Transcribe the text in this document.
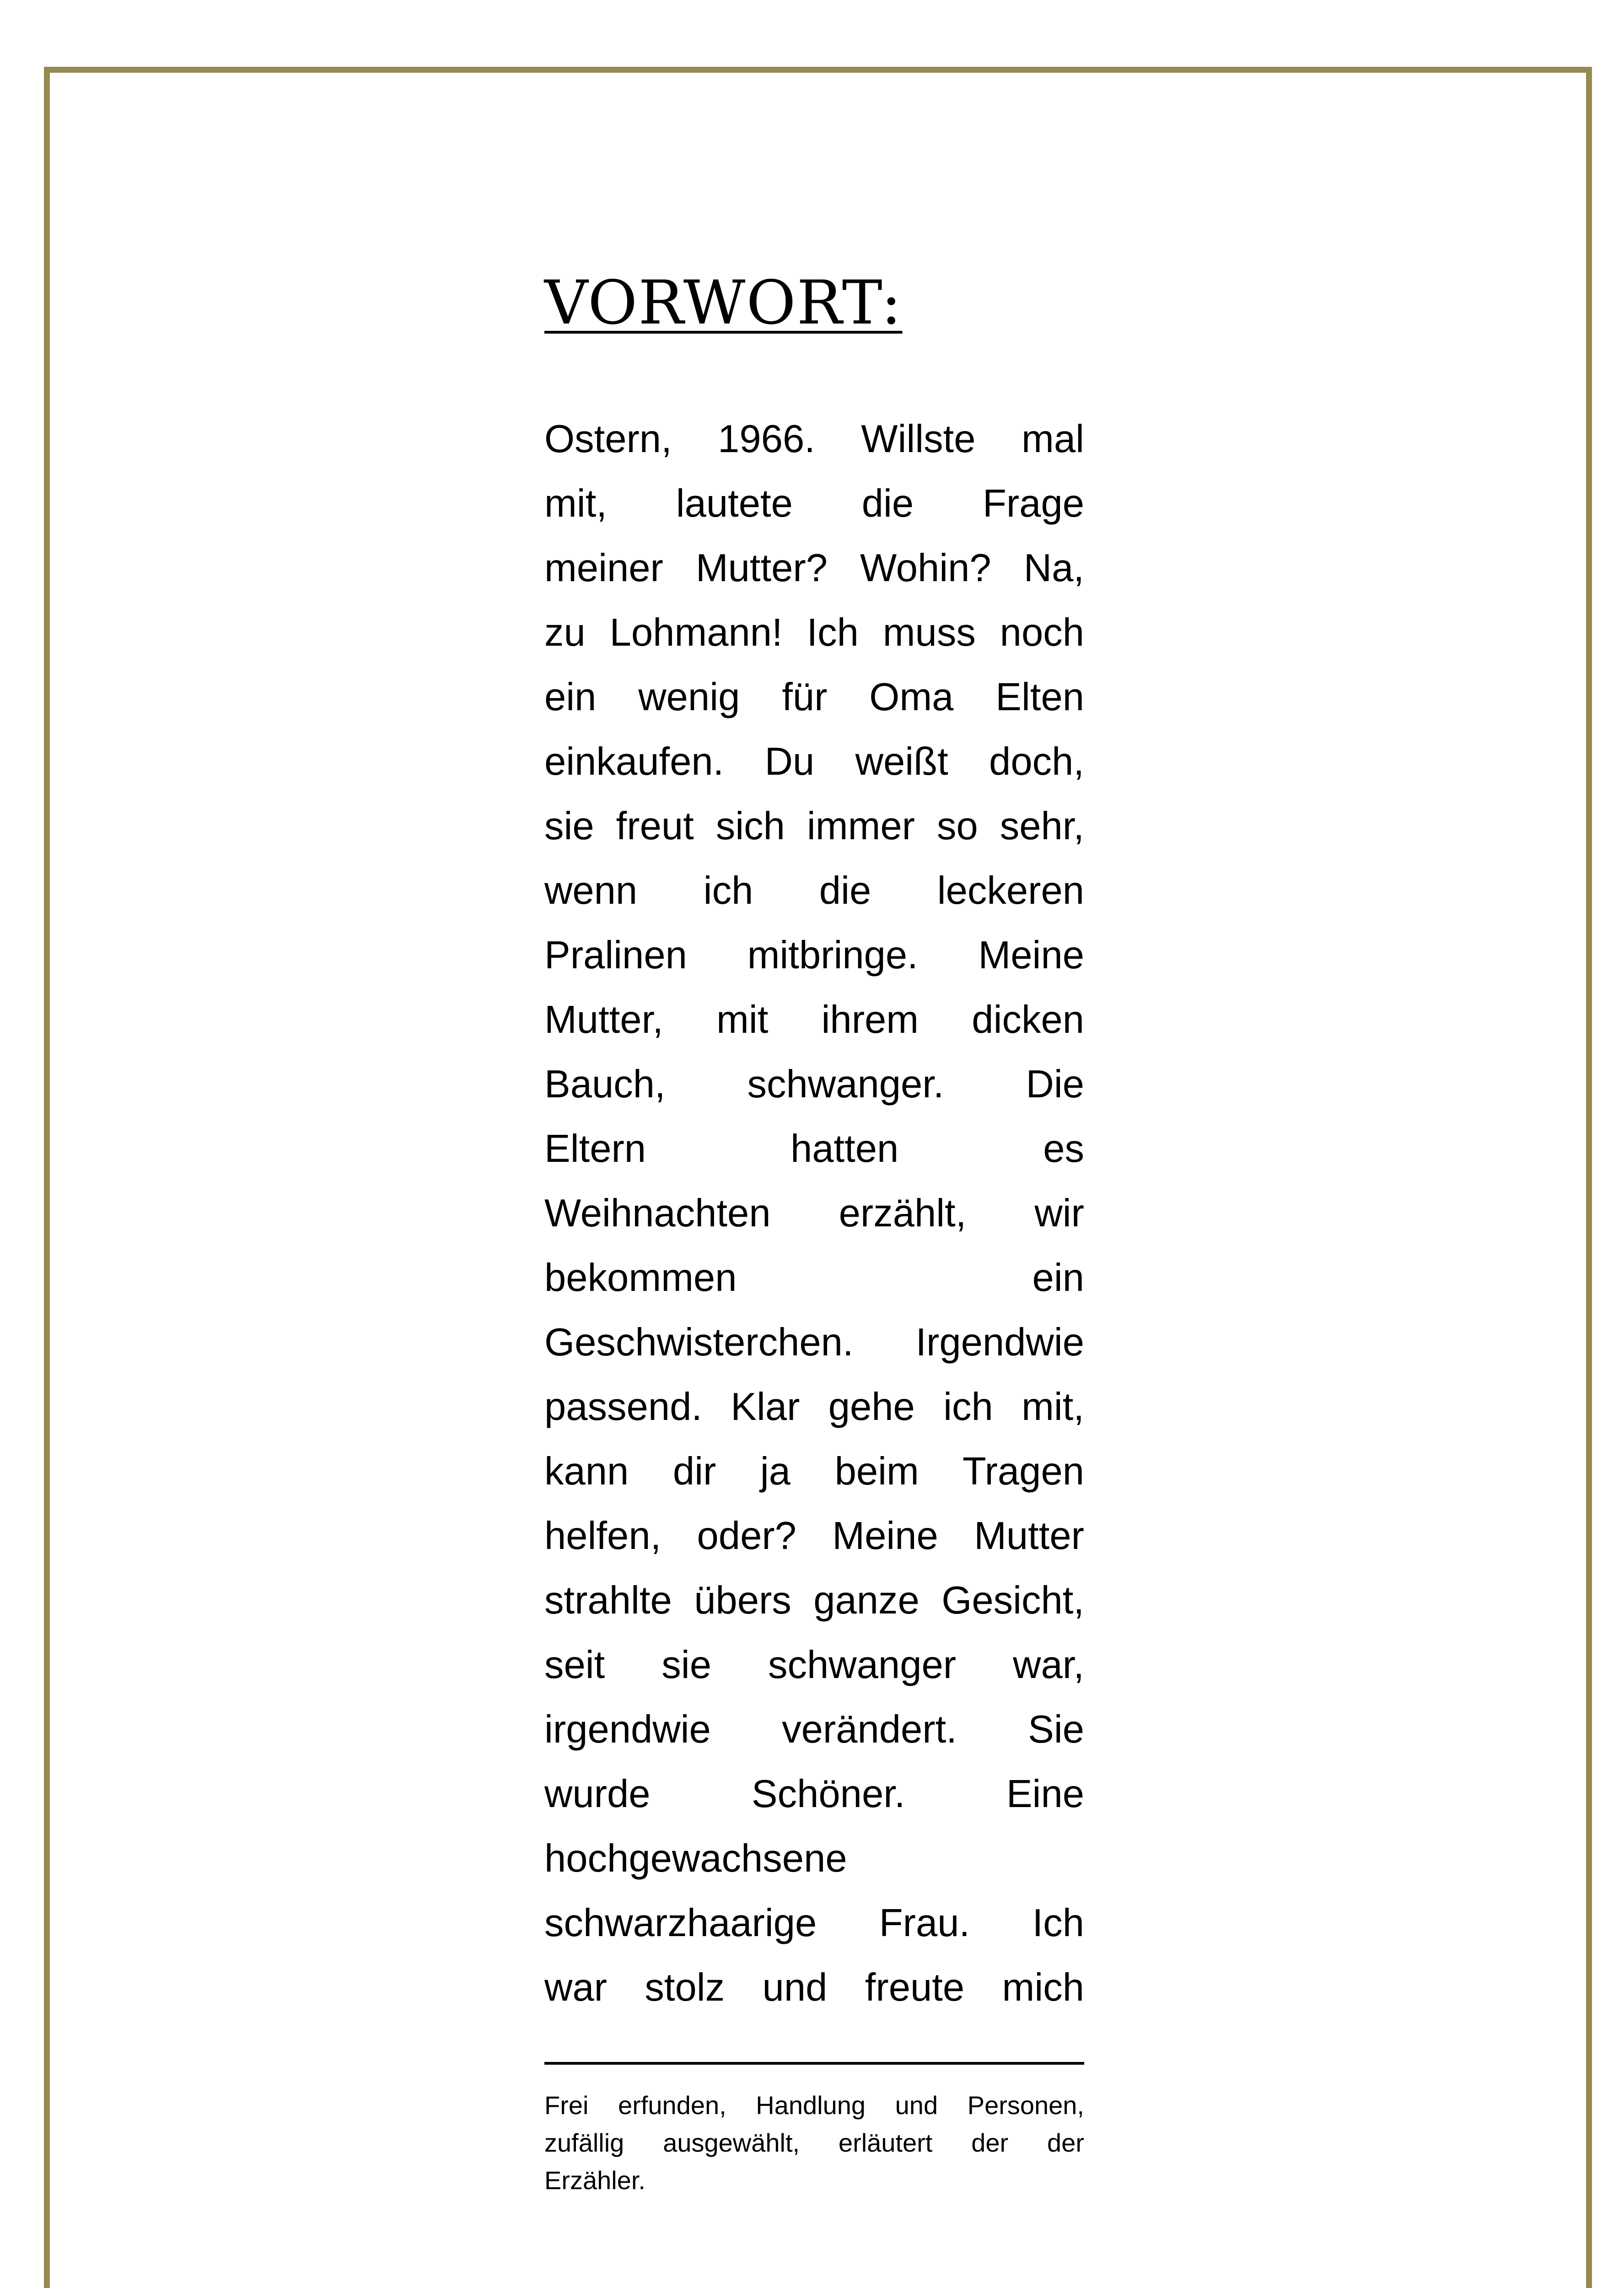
VORWORT:
Ostern, 1966. Willste mal
mit, lautete die Frage
meiner Mutter? Wohin? Na,
zu Lohmann! Ich muss noch
ein wenig für Oma Elten
einkaufen. Du weißt doch,
sie freut sich immer so sehr,
wenn ich die leckeren
Pralinen mitbringe. Meine
Mutter, mit ihrem dicken
Bauch, schwanger. Die
Eltern hatten es
Weihnachten erzählt, wir
bekommen ein
Geschwisterchen. Irgendwie
passend. Klar gehe ich mit,
kann dir ja beim Tragen
helfen, oder? Meine Mutter
strahlte übers ganze Gesicht,
seit sie schwanger war,
irgendwie verändert. Sie
wurde Schöner. Eine
hochgewachsene
schwarzhaarige Frau. Ich
war stolz und freute mich
Frei erfunden, Handlung und Personen,
zufällig ausgewählt, erläutert der der
Erzähler.
